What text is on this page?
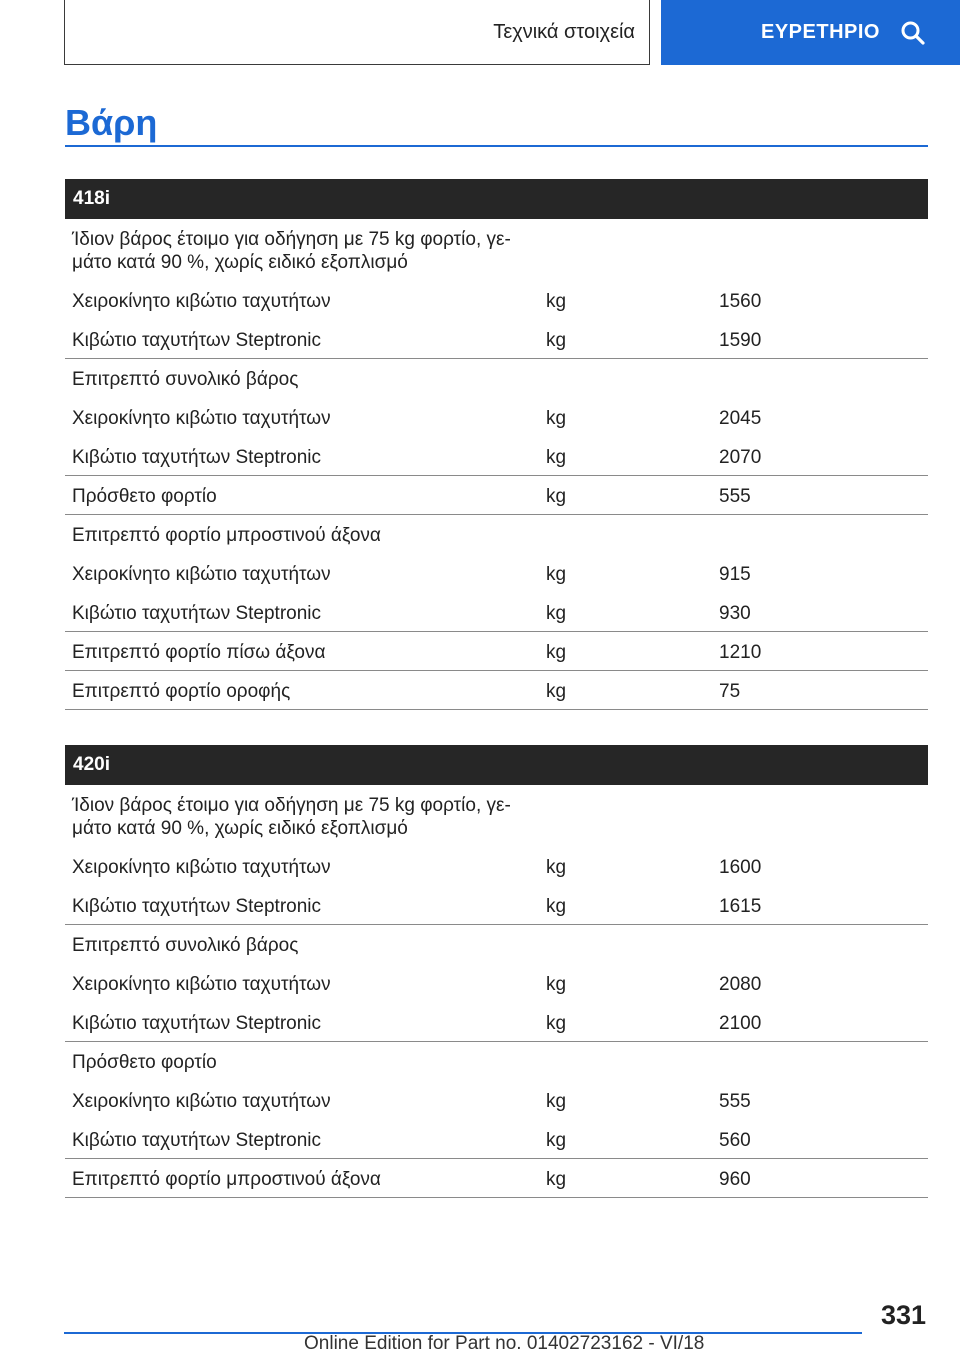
Τεχνικά στοιχεία	ΕΥΡΕΤΗΡΙΟ
Βάρη
418i
Ίδιον βάρος έτοιμο για οδήγηση με 75 kg φορτίο, γε- μάτο κατά 90 %, χωρίς ειδικό εξοπλισμό
Χειροκίνητο κιβώτιο ταχυτήτων	kg	1560
Κιβώτιο ταχυτήτων Steptronic	kg	1590
Επιτρεπτό συνολικό βάρος
Χειροκίνητο κιβώτιο ταχυτήτων	kg	2045
Κιβώτιο ταχυτήτων Steptronic	kg	2070
Πρόσθετο φορτίο	kg	555
Επιτρεπτό φορτίο μπροστινού άξονα
Χειροκίνητο κιβώτιο ταχυτήτων	kg	915
Κιβώτιο ταχυτήτων Steptronic	kg	930
Επιτρεπτό φορτίο πίσω άξονα	kg	1210
Επιτρεπτό φορτίο οροφής	kg	75
420i
Ίδιον βάρος έτοιμο για οδήγηση με 75 kg φορτίο, γε- μάτο κατά 90 %, χωρίς ειδικό εξοπλισμό
Χειροκίνητο κιβώτιο ταχυτήτων	kg	1600
Κιβώτιο ταχυτήτων Steptronic	kg	1615
Επιτρεπτό συνολικό βάρος
Χειροκίνητο κιβώτιο ταχυτήτων	kg	2080
Κιβώτιο ταχυτήτων Steptronic	kg	2100
Πρόσθετο φορτίο
Χειροκίνητο κιβώτιο ταχυτήτων	kg	555
Κιβώτιο ταχυτήτων Steptronic	kg	560
Επιτρεπτό φορτίο μπροστινού άξονα	kg	960
331
Online Edition for Part no. 01402723162 - VI/18
